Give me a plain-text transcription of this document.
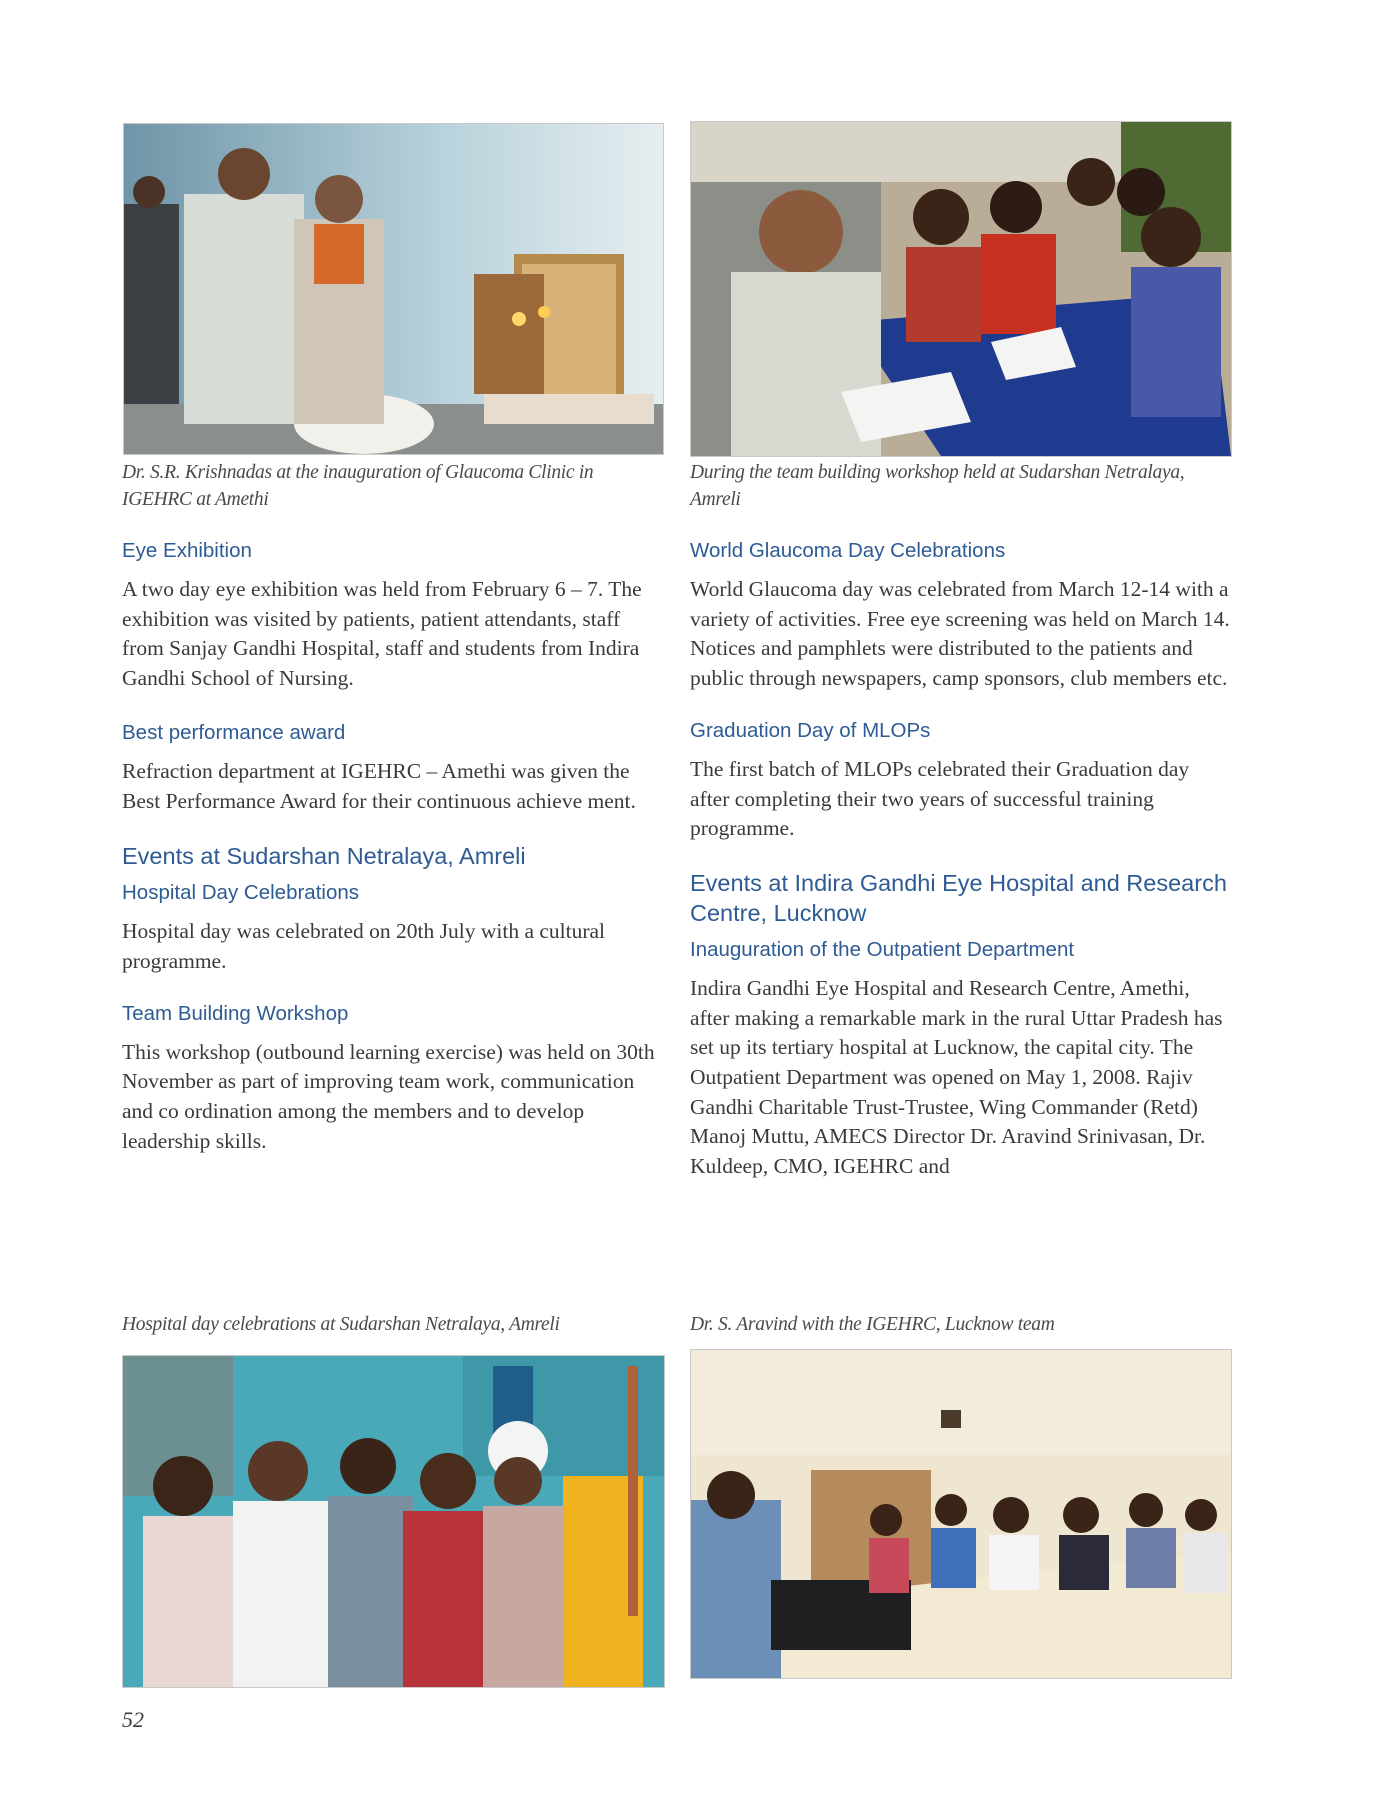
Dr. S.R. Krishnadas at the inauguration of Glaucoma Clinic in IGEHRC at Amethi

During the team building workshop held at Sudarshan Netralaya, Amreli

Eye Exhibition

A two day eye exhibition was held from February 6 – 7. The exhibition was visited by patients, patient attendants, staff from Sanjay Gandhi Hospital, staff and students from Indira Gandhi School of Nursing.

Best performance award

Refraction department at IGEHRC – Amethi was given the Best Performance Award for their continuous achieve ment.

Events at Sudarshan Netralaya, Amreli
Hospital Day Celebrations

Hospital day was celebrated on 20th July with a cultural programme.

Team Building Workshop

This workshop (outbound learning exercise) was held on 30th November as part of improving team work, communication and co ordination among the members and to develop leadership skills.

World Glaucoma Day Celebrations

World Glaucoma day was celebrated from March 12-14 with a variety of activities. Free eye screening was held on March 14. Notices and pamphlets were distributed to the patients and public through newspapers, camp sponsors, club members etc.

Graduation Day of MLOPs

The first batch of MLOPs celebrated their Graduation day after completing their two years of successful training programme.

Events at Indira Gandhi Eye Hospital and Research Centre, Lucknow
Inauguration of the Outpatient Department

Indira Gandhi Eye Hospital and Research Centre, Amethi, after making a remarkable mark in the rural Uttar Pradesh has set up its tertiary hospital at Lucknow, the capital city. The Outpatient Department was opened on May 1, 2008. Rajiv Gandhi Charitable Trust-Trustee, Wing Commander (Retd) Manoj Muttu, AMECS Director Dr. Aravind Srinivasan, Dr. Kuldeep, CMO, IGEHRC and

Hospital day celebrations at Sudarshan Netralaya, Amreli	Dr. S. Aravind with the IGEHRC, Lucknow team

52
